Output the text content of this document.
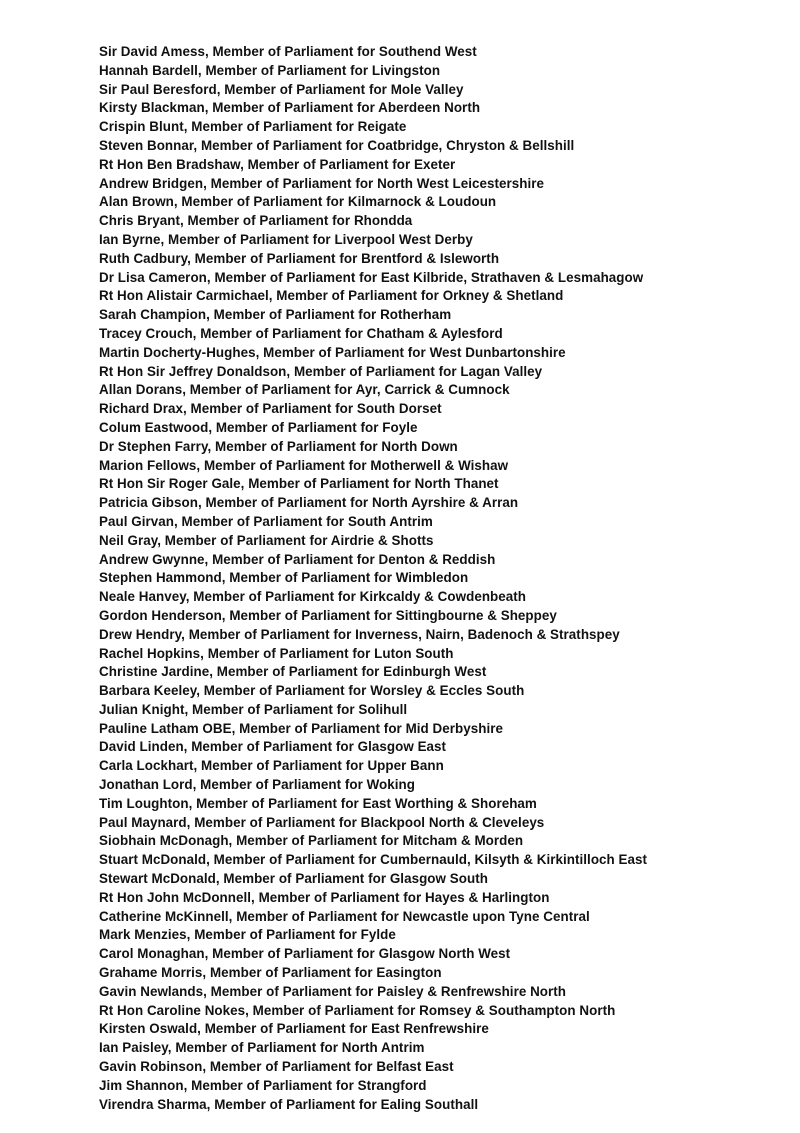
Sir David Amess, Member of Parliament for Southend West
Hannah Bardell, Member of Parliament for Livingston
Sir Paul Beresford, Member of Parliament for Mole Valley
Kirsty Blackman, Member of Parliament for Aberdeen North
Crispin Blunt, Member of Parliament for Reigate
Steven Bonnar, Member of Parliament for Coatbridge, Chryston & Bellshill
Rt Hon Ben Bradshaw, Member of Parliament for Exeter
Andrew Bridgen, Member of Parliament for North West Leicestershire
Alan Brown, Member of Parliament for Kilmarnock & Loudoun
Chris Bryant, Member of Parliament for Rhondda
Ian Byrne, Member of Parliament for Liverpool West Derby
Ruth Cadbury, Member of Parliament for Brentford & Isleworth
Dr Lisa Cameron, Member of Parliament for East Kilbride, Strathaven & Lesmahagow
Rt Hon Alistair Carmichael, Member of Parliament for Orkney & Shetland
Sarah Champion, Member of Parliament for Rotherham
Tracey Crouch, Member of Parliament for Chatham & Aylesford
Martin Docherty-Hughes, Member of Parliament for West Dunbartonshire
Rt Hon Sir Jeffrey Donaldson, Member of Parliament for Lagan Valley
Allan Dorans, Member of Parliament for Ayr, Carrick & Cumnock
Richard Drax, Member of Parliament for South Dorset
Colum Eastwood, Member of Parliament for Foyle
Dr Stephen Farry, Member of Parliament for North Down
Marion Fellows, Member of Parliament for Motherwell & Wishaw
Rt Hon Sir Roger Gale, Member of Parliament for North Thanet
Patricia Gibson, Member of Parliament for North Ayrshire & Arran
Paul Girvan, Member of Parliament for South Antrim
Neil Gray, Member of Parliament for Airdrie & Shotts
Andrew Gwynne, Member of Parliament for Denton & Reddish
Stephen Hammond, Member of Parliament for Wimbledon
Neale Hanvey, Member of Parliament for Kirkcaldy & Cowdenbeath
Gordon Henderson, Member of Parliament for Sittingbourne & Sheppey
Drew Hendry, Member of Parliament for Inverness, Nairn, Badenoch & Strathspey
Rachel Hopkins, Member of Parliament for Luton South
Christine Jardine, Member of Parliament for Edinburgh West
Barbara Keeley, Member of Parliament for Worsley & Eccles South
Julian Knight, Member of Parliament for Solihull
Pauline Latham OBE, Member of Parliament for Mid Derbyshire
David Linden, Member of Parliament for Glasgow East
Carla Lockhart, Member of Parliament for Upper Bann
Jonathan Lord, Member of Parliament for Woking
Tim Loughton, Member of Parliament for East Worthing & Shoreham
Paul Maynard, Member of Parliament for Blackpool North & Cleveleys
Siobhain McDonagh, Member of Parliament for Mitcham & Morden
Stuart McDonald, Member of Parliament for Cumbernauld, Kilsyth & Kirkintilloch East
Stewart McDonald, Member of Parliament for Glasgow South
Rt Hon John McDonnell, Member of Parliament for Hayes & Harlington
Catherine McKinnell, Member of Parliament for Newcastle upon Tyne Central
Mark Menzies, Member of Parliament for Fylde
Carol Monaghan, Member of Parliament for Glasgow North West
Grahame Morris, Member of Parliament for Easington
Gavin Newlands, Member of Parliament for Paisley & Renfrewshire North
Rt Hon Caroline Nokes, Member of Parliament for Romsey & Southampton North
Kirsten Oswald, Member of Parliament for East Renfrewshire
Ian Paisley, Member of Parliament for North Antrim
Gavin Robinson, Member of Parliament for Belfast East
Jim Shannon, Member of Parliament for Strangford
Virendra Sharma, Member of Parliament for Ealing Southall
